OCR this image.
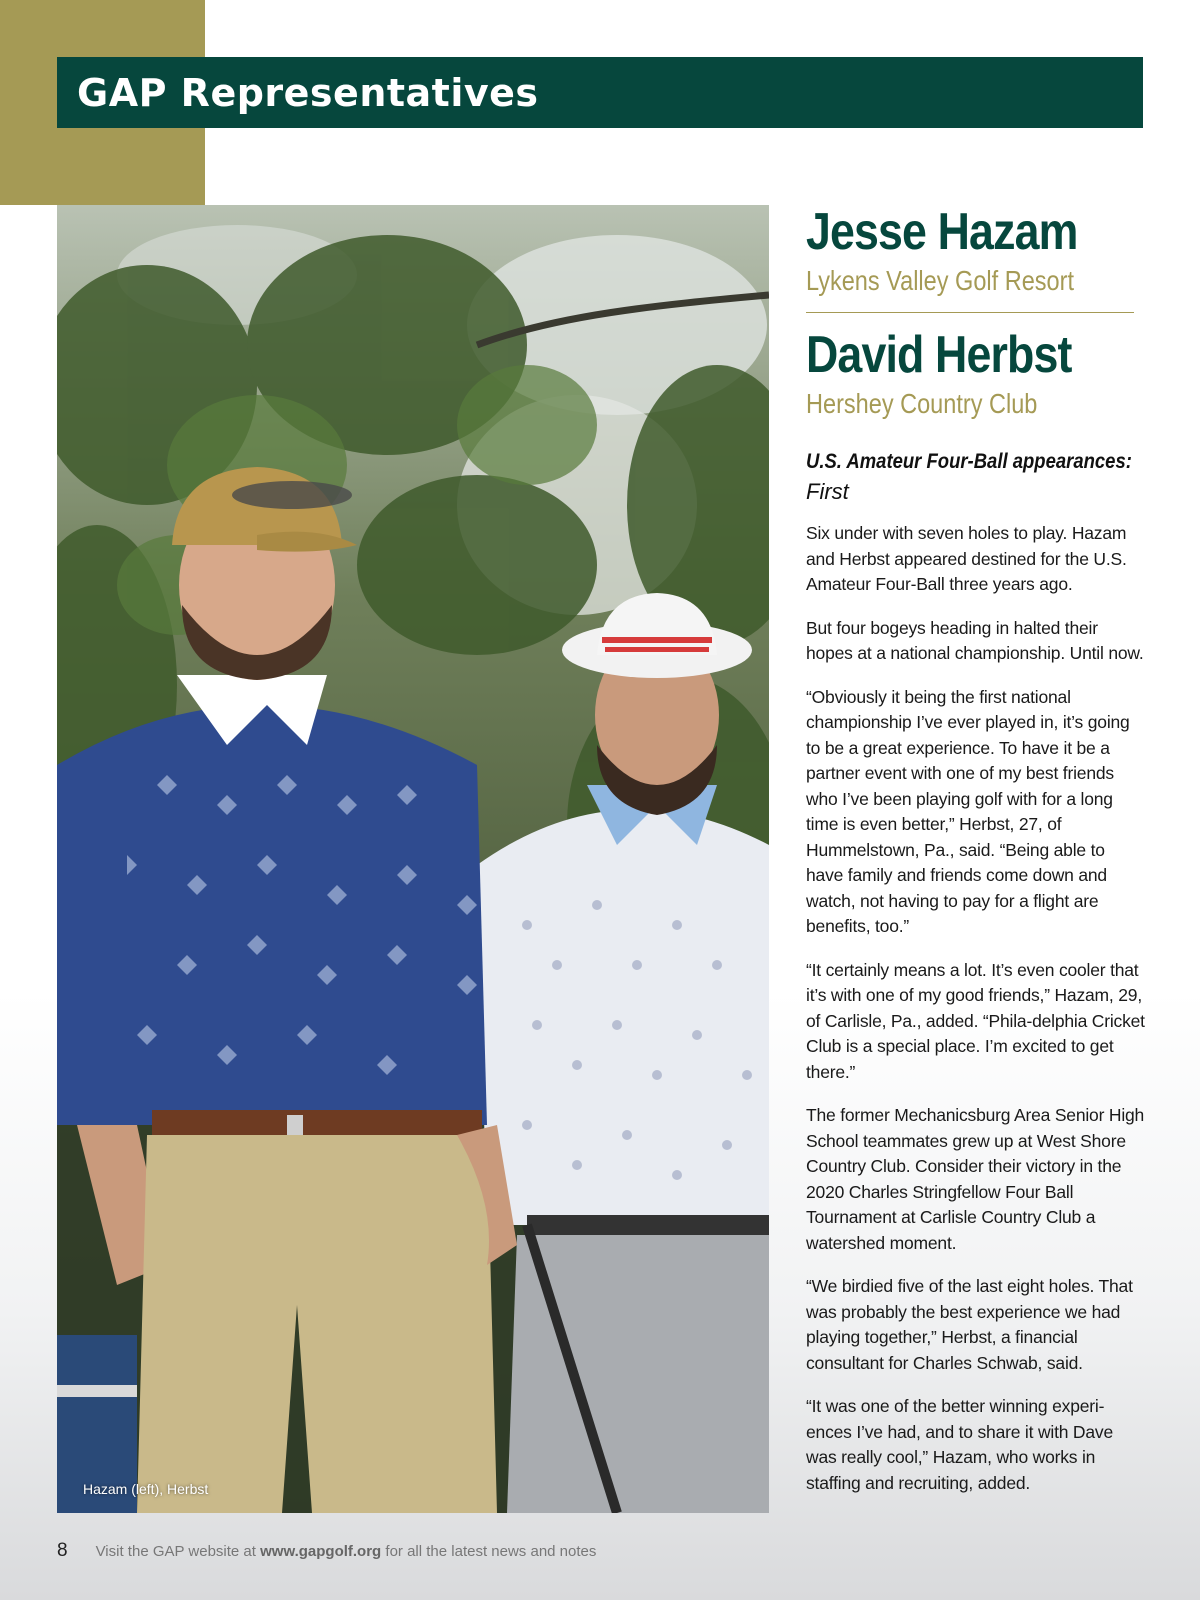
GAP Representatives
Hazam (left), Herbst
Jesse Hazam
Lykens Valley Golf Resort
David Herbst
Hershey Country Club
U.S. Amateur Four-Ball appearances:
First

Six under with seven holes to play. Hazam and Herbst appeared destined for the U.S. Amateur Four-Ball three years ago.

But four bogeys heading in halted their hopes at a national championship. Until now.

“Obviously it being the first national championship I’ve ever played in, it’s going to be a great experience. To have it be a partner event with one of my best friends who I’ve been playing golf with for a long time is even better,” Herbst, 27, of Hummelstown, Pa., said. “Being able to have family and friends come down and watch, not having to pay for a flight are benefits, too.”

“It certainly means a lot. It’s even cooler that it’s with one of my good friends,” Hazam, 29, of Carlisle, Pa., added. “Phila-delphia Cricket Club is a special place. I’m excited to get there.”

The former Mechanicsburg Area Senior High School teammates grew up at West Shore Country Club. Consider their victory in the 2020 Charles Stringfellow Four Ball Tournament at Carlisle Country Club a watershed moment.

“We birdied five of the last eight holes. That was probably the best experience we had playing together,” Herbst, a financial consultant for Charles Schwab, said.

“It was one of the better winning experi-ences I’ve had, and to share it with Dave was really cool,” Hazam, who works in staffing and recruiting, added.

8 Visit the GAP website at www.gapgolf.org for all the latest news and notes
